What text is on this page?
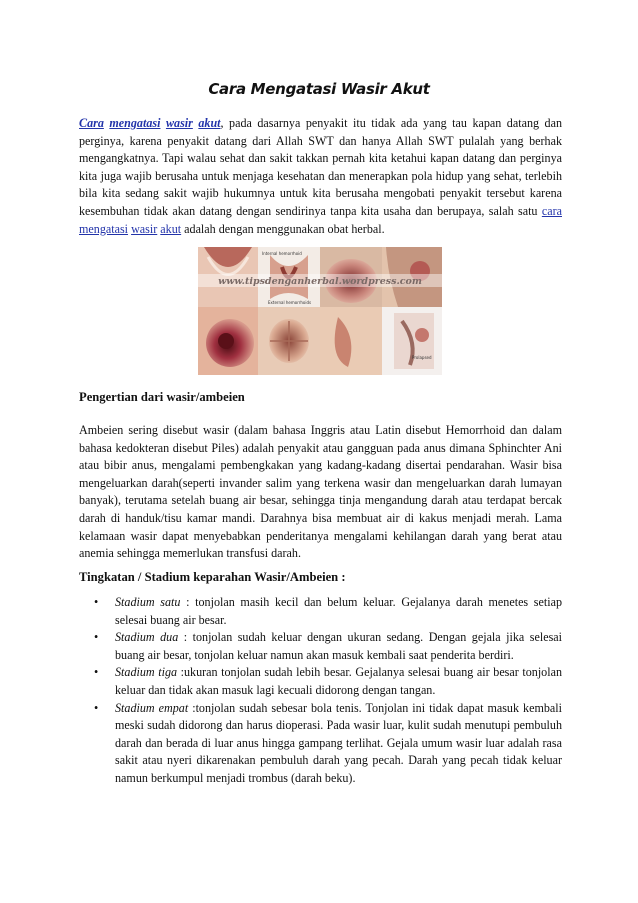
Cara Mengatasi Wasir Akut

Cara mengatasi wasir akut, pada dasarnya penyakit itu tidak ada yang tau kapan datang dan perginya, karena penyakit datang dari Allah SWT dan hanya Allah SWT pulalah yang berhak mengangkatnya. Tapi walau sehat dan sakit takkan pernah kita ketahui kapan datang dan perginya kita juga wajib berusaha untuk menjaga kesehatan dan menerapkan pola hidup yang sehat, terlebih bila kita sedang sakit wajib hukumnya untuk kita berusaha mengobati penyakit tersebut karena kesembuhan tidak akan datang dengan sendirinya tanpa kita usaha dan berupaya, salah satu cara mengatasi wasir akut adalah dengan menggunakan obat herbal.

www.tipsdenganherbal.wordpress.com
Internal hemorrhoid
External hemorrhoids
Prolapsed
Pengertian dari wasir/ambeien

Ambeien sering disebut wasir (dalam bahasa Inggris atau Latin disebut Hemorrhoid dan dalam bahasa kedokteran disebut Piles) adalah penyakit atau gangguan pada anus dimana Sphinchter Ani atau bibir anus, mengalami pembengkakan yang kadang-kadang disertai pendarahan. Wasir bisa mengeluarkan darah(seperti invander salim yang terkena wasir dan mengeluarkan darah lumayan banyak), terutama setelah buang air besar, sehingga tinja mengandung darah atau terdapat bercak darah di handuk/tisu kamar mandi. Darahnya bisa membuat air di kakus menjadi merah. Lama kelamaan wasir dapat menyebabkan penderitanya mengalami kehilangan darah yang berat atau anemia sehingga memerlukan transfusi darah.

Tingkatan / Stadium keparahan Wasir/Ambeien :
• Stadium satu : tonjolan masih kecil dan belum keluar. Gejalanya darah menetes setiap selesai buang air besar.
• Stadium dua : tonjolan sudah keluar dengan ukuran sedang. Dengan gejala jika selesai buang air besar, tonjolan keluar namun akan masuk kembali saat penderita berdiri.
• Stadium tiga :ukuran tonjolan sudah lebih besar. Gejalanya selesai buang air besar tonjolan keluar dan tidak akan masuk lagi kecuali didorong dengan tangan.
• Stadium empat :tonjolan sudah sebesar bola tenis. Tonjolan ini tidak dapat masuk kembali meski sudah didorong dan harus dioperasi. Pada wasir luar, kulit sudah menutupi pembuluh darah dan berada di luar anus hingga gampang terlihat. Gejala umum wasir luar adalah rasa sakit atau nyeri dikarenakan pembuluh darah yang pecah. Darah yang pecah tidak keluar namun berkumpul menjadi trombus (darah beku).
